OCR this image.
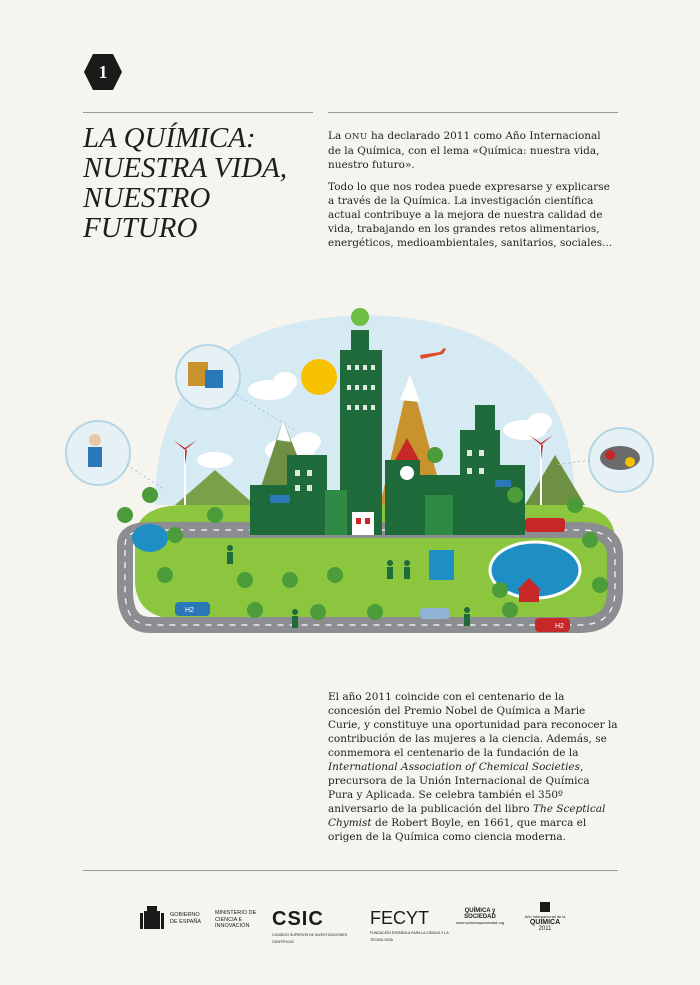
1
LA QUÍMICA:
NUESTRA VIDA,
NUESTRO FUTURO

La ONU ha declarado 2011 como Año Internacional de la Química, con el lema «Química: nuestra vida, nuestro futuro».

Todo lo que nos rodea puede expresarse y explicarse a través de la Química. La investigación científica actual contribuye a la mejora de nuestra calidad de vida, trabajando en los grandes retos alimentarios, energéticos, medioambientales, sanitarios, sociales...

H2
H2
El año 2011 coincide con el centenario de la concesión del Premio Nobel de Química a Marie Curie, y constituye una oportunidad para reconocer la contribución de las mujeres a la ciencia. Además, se conmemora el centenario de la fundación de la International Association of Chemical Societies, precursora de la Unión Internacional de Química Pura y Aplicada. Se celebra también el 350º aniversario de la publicación del libro The Sceptical Chymist de Robert Boyle, en 1661, que marca el origen de la Química como ciencia moderna.
GOBIERNO DE ESPAÑA
MINISTERIO DE CIENCIA E INNOVACIÓN	CSIC
CONSEJO SUPERIOR DE INVESTIGACIONES CIENTÍFICAS
FECYT
FUNDACIÓN ESPAÑOLA PARA LA CIENCIA Y LA TECNOLOGÍA
QUÍMICA y SOCIEDAD
www.quimicaysociedad.org
Año Internacional de la
QUÍMICA
2011
